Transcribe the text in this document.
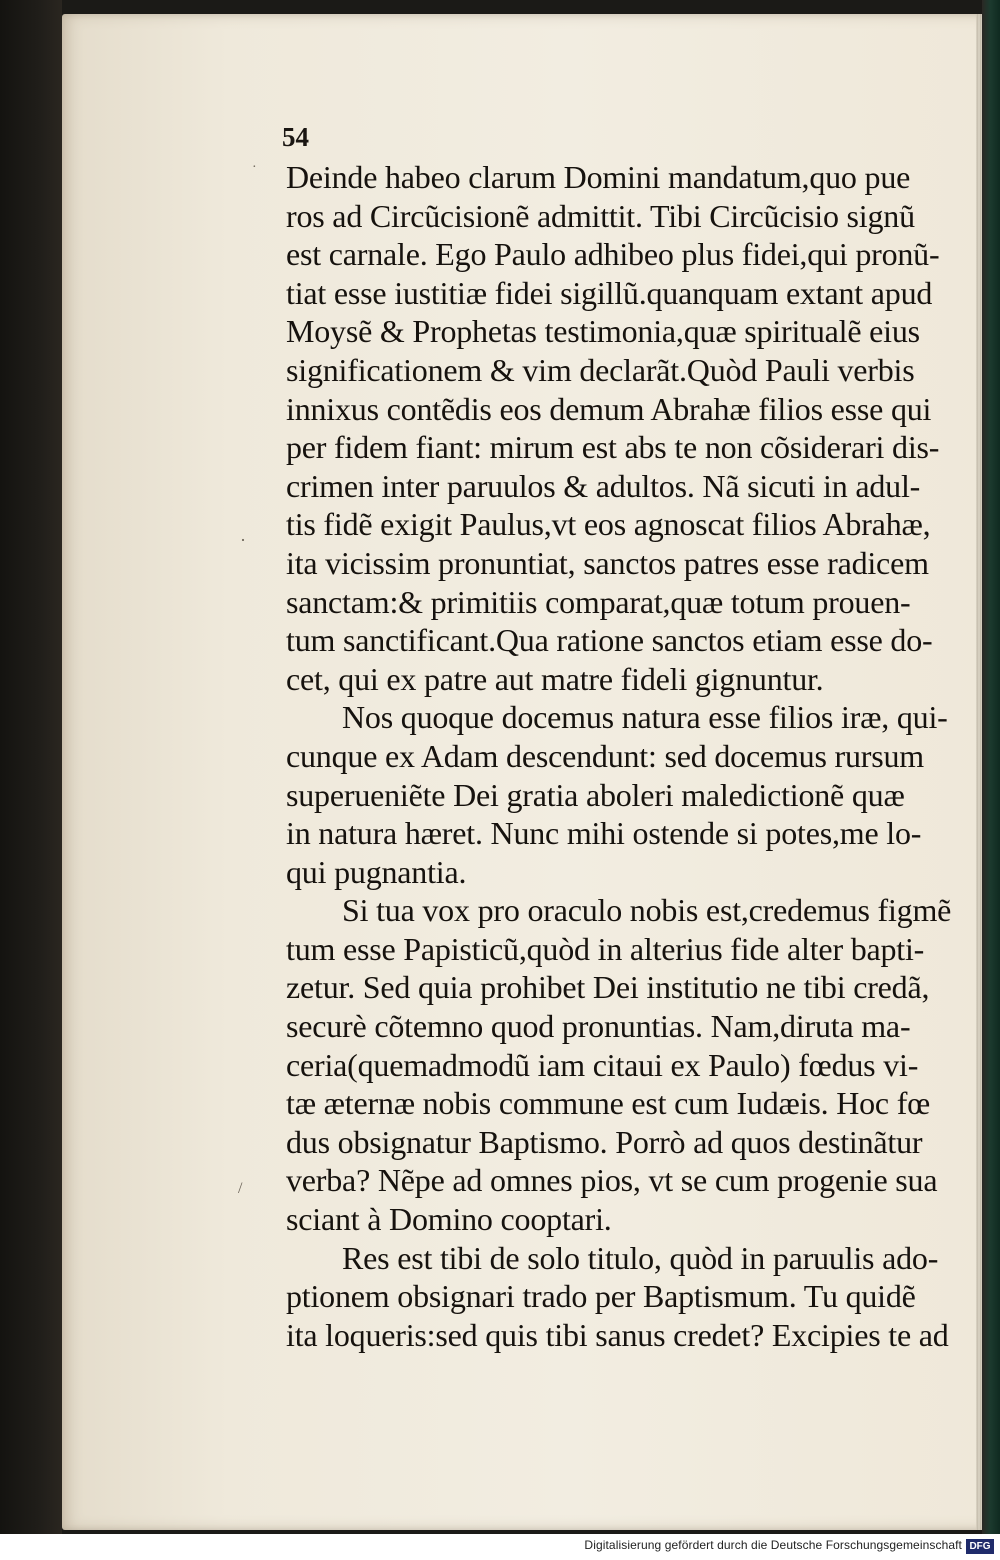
54
Deinde habeo clarum Domini mandatum,quo pue
ros ad Circũcisionẽ admittit. Tibi Circũcisio signũ
est carnale. Ego Paulo adhibeo plus fidei,qui pronũ-
tiat esse iustitiæ fidei sigillũ.quanquam extant apud
Moysẽ & Prophetas testimonia,quæ spiritualẽ eius
significationem & vim declarãt.Quòd Pauli verbis
innixus contẽdis eos demum Abrahæ filios esse qui
per fidem fiant: mirum est abs te non cõsiderari dis-
crimen inter paruulos & adultos. Nã sicuti in adul-
tis fidẽ exigit Paulus,vt eos agnoscat filios Abrahæ,
ita vicissim pronuntiat, sanctos patres esse radicem
sanctam:& primitiis comparat,quæ totum prouen-
tum sanctificant.Qua ratione sanctos etiam esse do-
cet, qui ex patre aut matre fideli gignuntur.
Nos quoque docemus natura esse filios iræ, qui-
cunque ex Adam descendunt: sed docemus rursum
superueniẽte Dei gratia aboleri maledictionẽ quæ
in natura hæret. Nunc mihi ostende si potes,me lo-
qui pugnantia.
Si tua vox pro oraculo nobis est,credemus figmẽ
tum esse Papisticũ,quòd in alterius fide alter bapti-
zetur. Sed quia prohibet Dei institutio ne tibi credã,
securè cõtemno quod pronuntias. Nam,diruta ma-
ceria(quemadmodũ iam citaui ex Paulo) fœdus vi-
tæ æternæ nobis commune est cum Iudæis. Hoc fœ
dus obsignatur Baptismo. Porrò ad quos destinãtur
verba? Nẽpe ad omnes pios, vt se cum progenie sua
sciant à Domino cooptari.
Res est tibi de solo titulo, quòd in paruulis ado-
ptionem obsignari trado per Baptismum. Tu quidẽ
ita loqueris:sed quis tibi sanus credet? Excipies te ad
·
·
/
Digitalisierung gefördert durch die Deutsche Forschungsgemeinschaft DFG
